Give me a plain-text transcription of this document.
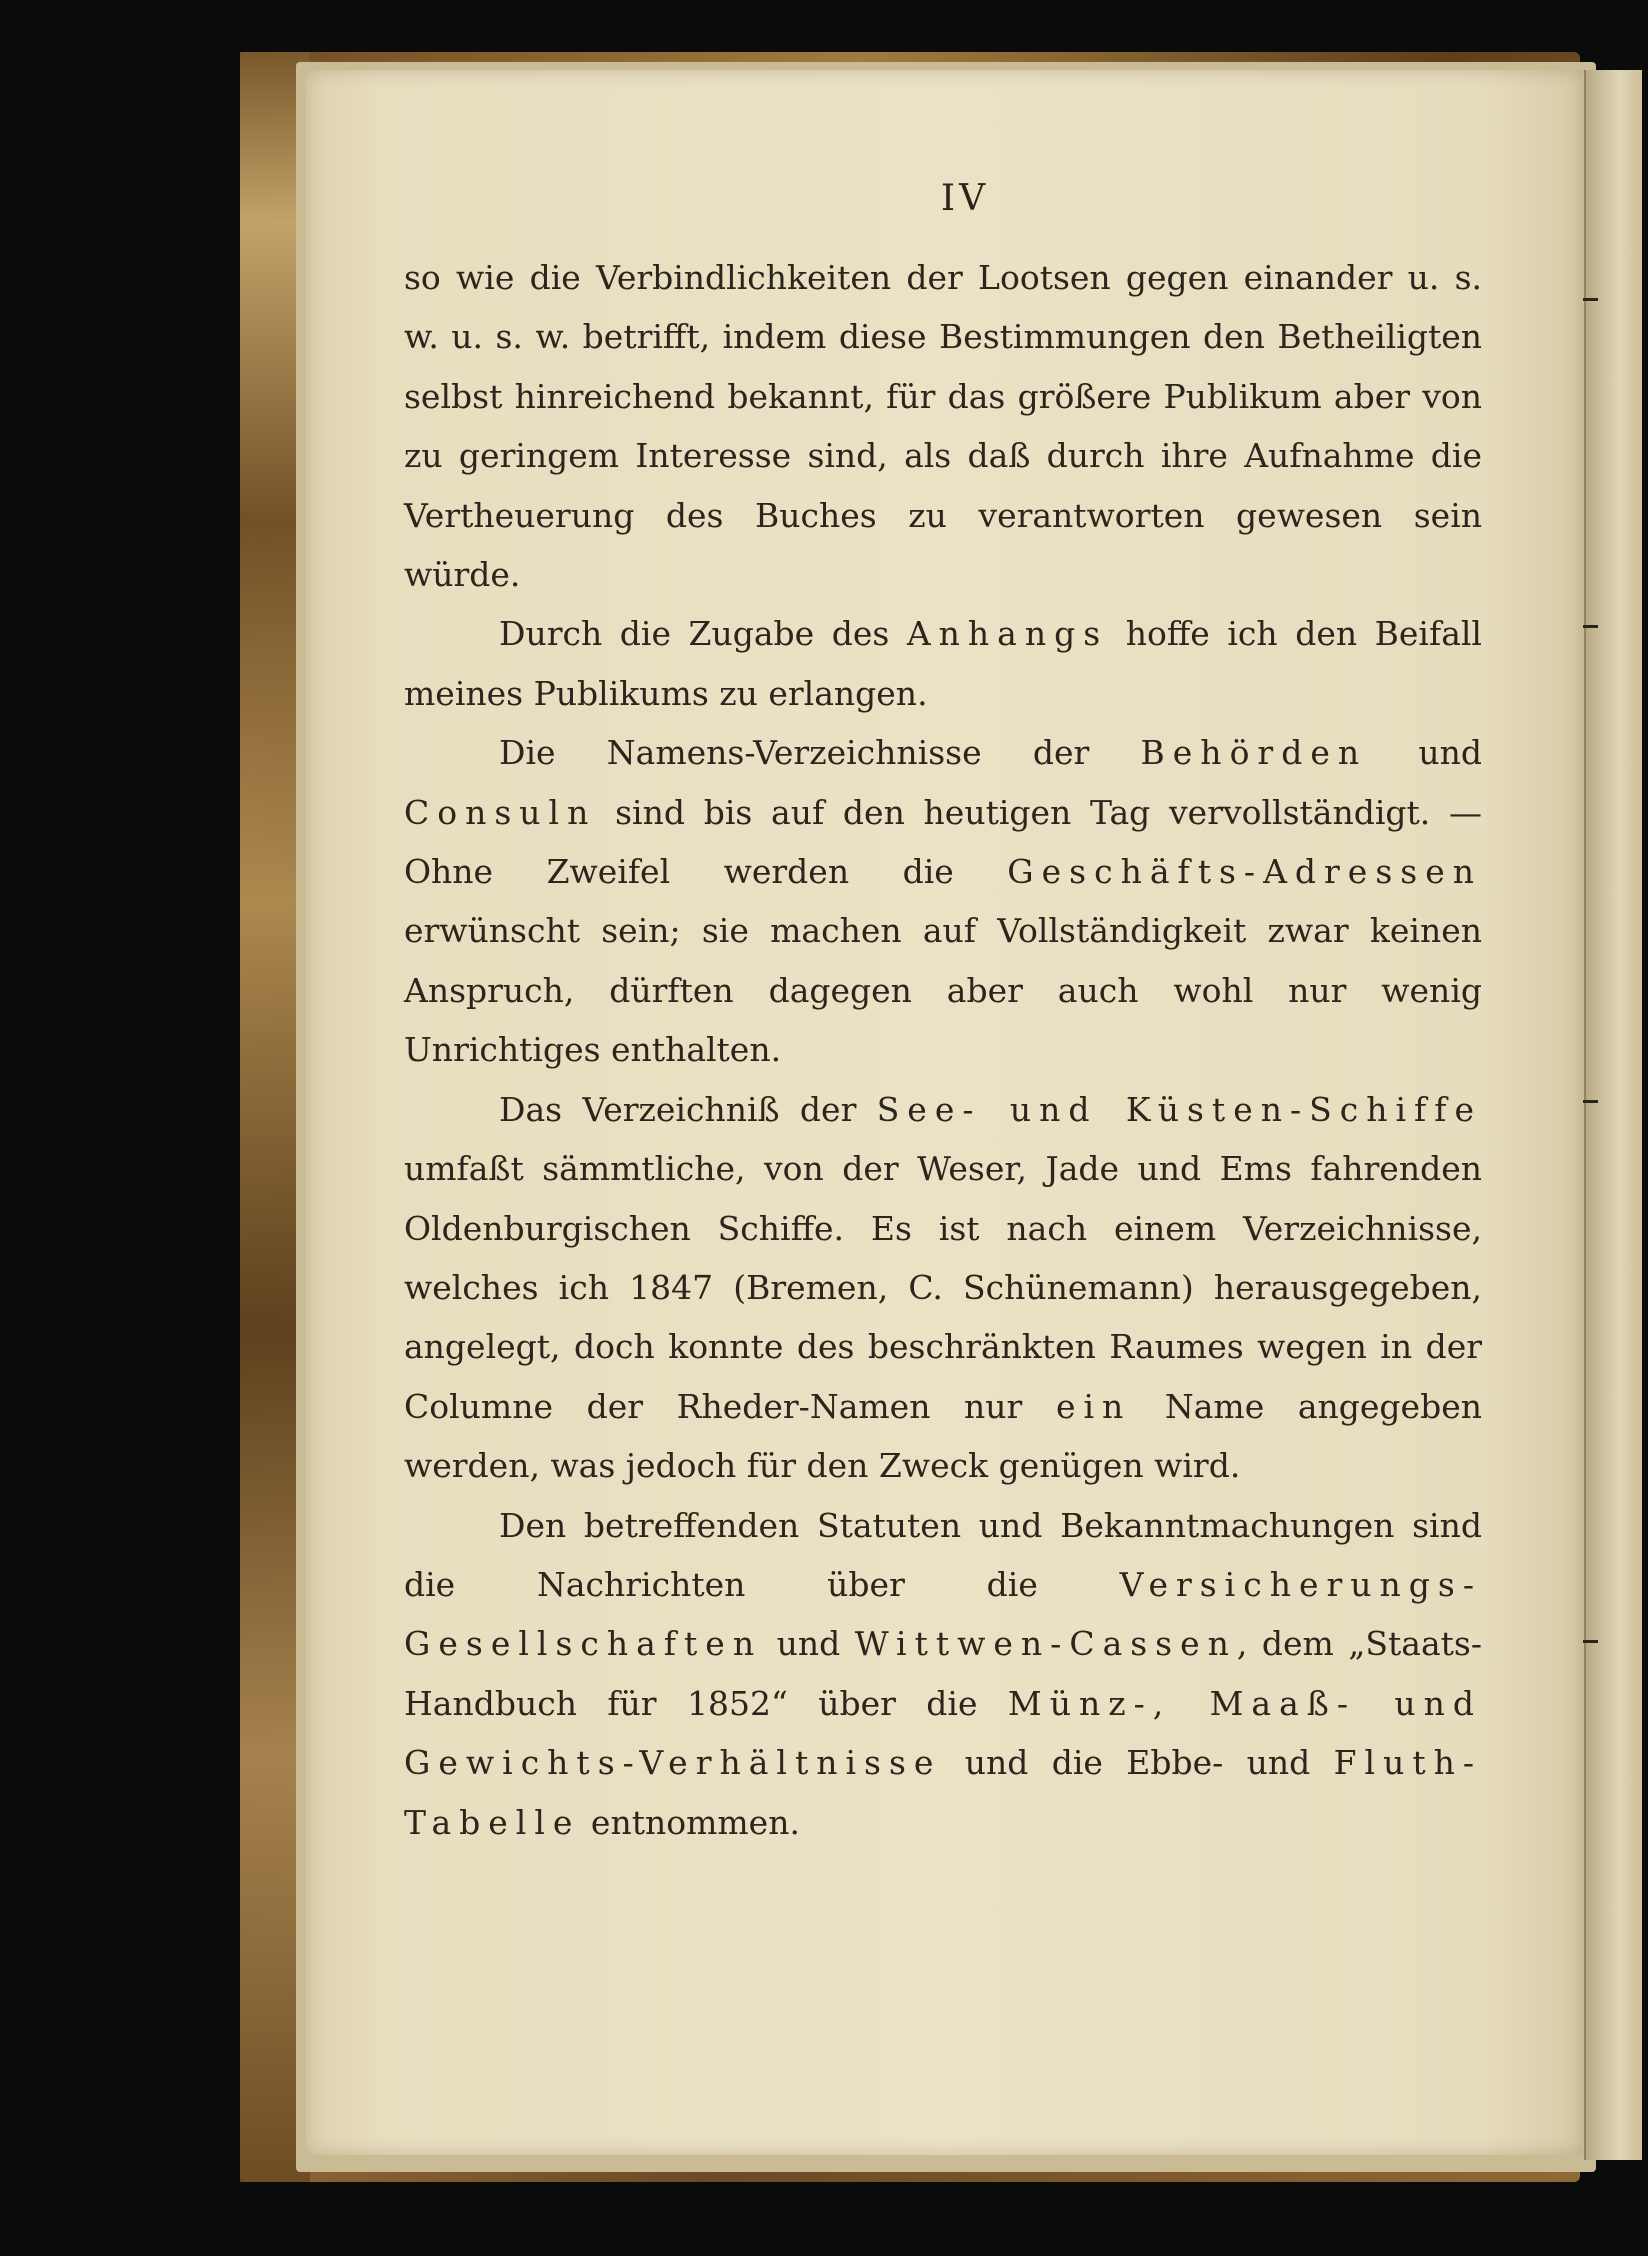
IV

so wie die Verbindlichkeiten der Lootsen gegen einander u. s. w. u. s. w. betrifft, indem diese Bestimmungen den Betheiligten selbst hinreichend bekannt, für das größere Publikum aber von zu geringem Interesse sind, als daß durch ihre Aufnahme die Vertheuerung des Buches zu verantworten gewesen sein würde.

Durch die Zugabe des Anhangs hoffe ich den Beifall meines Publikums zu erlangen.

Die Namens-Verzeichnisse der Behörden und Consuln sind bis auf den heutigen Tag vervollständigt. — Ohne Zweifel werden die Geschäfts-Adressen erwünscht sein; sie machen auf Vollständigkeit zwar keinen Anspruch, dürften dagegen aber auch wohl nur wenig Unrichtiges enthalten.

Das Verzeichniß der See- und Küsten-Schiffe umfaßt sämmtliche, von der Weser, Jade und Ems fahrenden Oldenburgischen Schiffe. Es ist nach einem Verzeichnisse, welches ich 1847 (Bremen, C. Schünemann) herausgegeben, angelegt, doch konnte des beschränkten Raumes wegen in der Columne der Rheder-Namen nur ein Name angegeben werden, was jedoch für den Zweck genügen wird.

Den betreffenden Statuten und Bekanntmachungen sind die Nachrichten über die Versicherungs-Gesellschaften und Wittwen-Cassen, dem „Staats-Handbuch für 1852“ über die Münz-, Maaß- und Gewichts-Verhältnisse und die Ebbe- und Fluth-Tabelle entnommen.
